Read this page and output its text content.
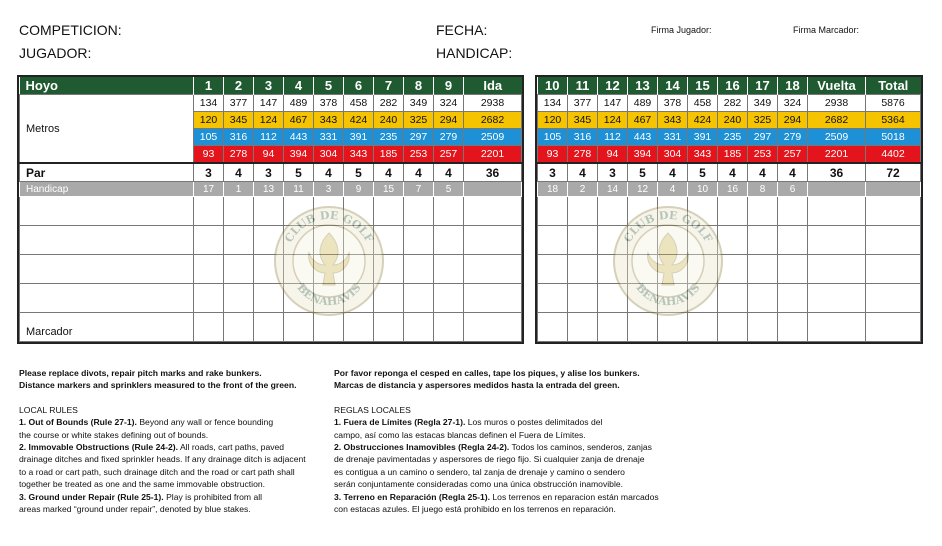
COMPETICION:
JUGADOR:
FECHA:
HANDICAP:
Firma Jugador:	Firma Marcador:
Hoyo	1	2	3	4	5	6	7	8	9	Ida
Metros	134	377	147	489	378	458	282	349	324	2938
	120	345	124	467	343	424	240	325	294	2682
	105	316	112	443	331	391	235	297	279	2509
	93	278	94	394	304	343	185	253	257	2201
Par	3	4	3	5	4	5	4	4	4	36
Handicap	17	1	13	11	3	9	15	7	5	

Marcador										
10	11	12	13	14	15	16	17	18	Vuelta	Total
134	377	147	489	378	458	282	349	324	2938	5876
120	345	124	467	343	424	240	325	294	2682	5364
105	316	112	443	331	391	235	297	279	2509	5018
93	278	94	394	304	343	185	253	257	2201	4402
3	4	3	5	4	5	4	4	4	36	72
18	2	14	12	4	10	16	8	6		

CLUB DE GOLF
BENAHAVIS
CLUB DE GOLF
BENAHAVIS

Please replace divots, repair pitch marks and rake bunkers.

Distance markers and sprinklers measured to the front of the green.

LOCAL RULES

1. Out of Bounds (Rule 27-1). Beyond any wall or fence bounding

the course or white stakes defining out of bounds.

2. Immovable Obstructions (Rule 24-2). All roads, cart paths, paved

drainage ditches and fixed sprinkler heads. If any drainage ditch is adjacent

to a road or cart path, such drainage ditch and the road or cart path shall

together be treated as one and the same immovable obstruction.

3. Ground under Repair (Rule 25-1). Play is prohibited from all

areas marked “ground under repair”, denoted by blue stakes.

Por favor reponga el cesped en calles, tape los piques, y alise los bunkers.

Marcas de distancia y aspersores medidos hasta la entrada del green.

REGLAS LOCALES

1. Fuera de Límites (Regla 27-1). Los muros o postes delimitados del

campo, así como las estacas blancas definen el Fuera de Límites.

2. Obstrucciones Inamovibles (Regla 24-2). Todos los caminos, senderos, zanjas

de drenaje pavimentadas y aspersores de riego fijo. Si cualquier zanja de drenaje

es contigua a un camino o sendero, tal zanja de drenaje y camino o sendero

serán conjuntamente consideradas como una única obstrucción inamovible.

3. Terreno en Reparación (Regla 25-1). Los terrenos en reparacion están marcados

con estacas azules. El juego está prohibido en los terrenos en reparación.
